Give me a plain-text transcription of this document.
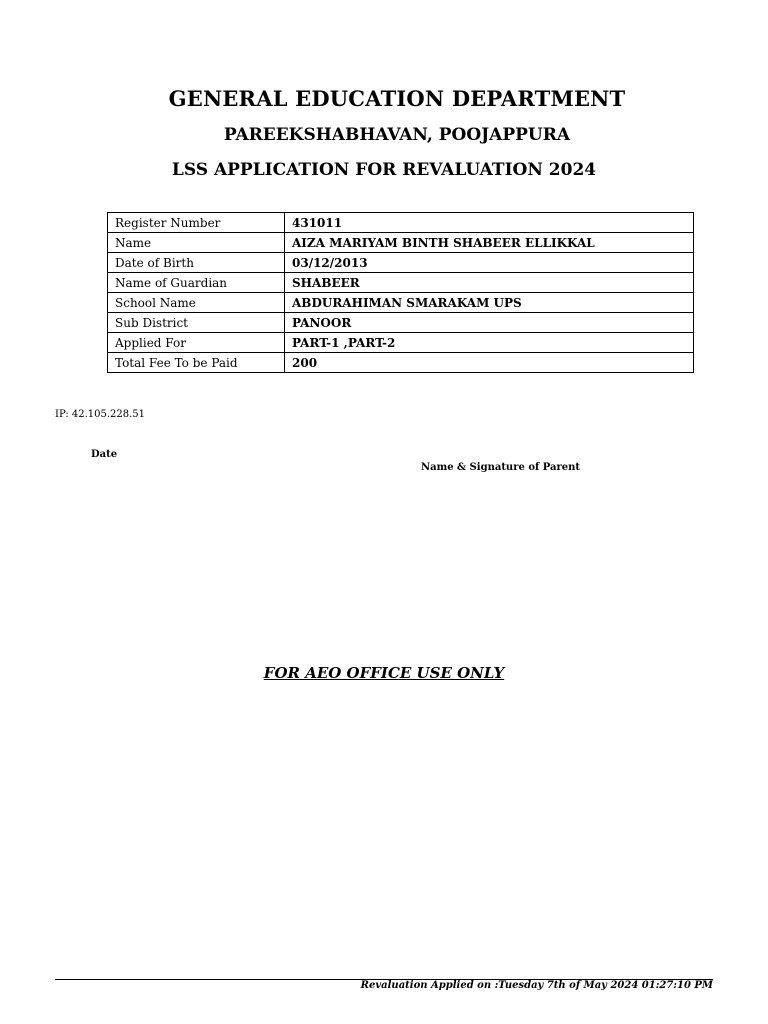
GENERAL EDUCATION DEPARTMENT
PAREEKSHABHAVAN, POOJAPPURA
LSS APPLICATION FOR REVALUATION 2024
Register Number	431011
Name	AIZA MARIYAM BINTH SHABEER ELLIKKAL
Date of Birth	03/12/2013
Name of Guardian	SHABEER
School Name	ABDURAHIMAN SMARAKAM UPS
Sub District	PANOOR
Applied For	PART-1 ,PART-2
Total Fee To be Paid	200
IP: 42.105.228.51
Date
Name & Signature of Parent
FOR AEO OFFICE USE ONLY
Revaluation Applied on :Tuesday 7th of May 2024 01:27:10 PM
